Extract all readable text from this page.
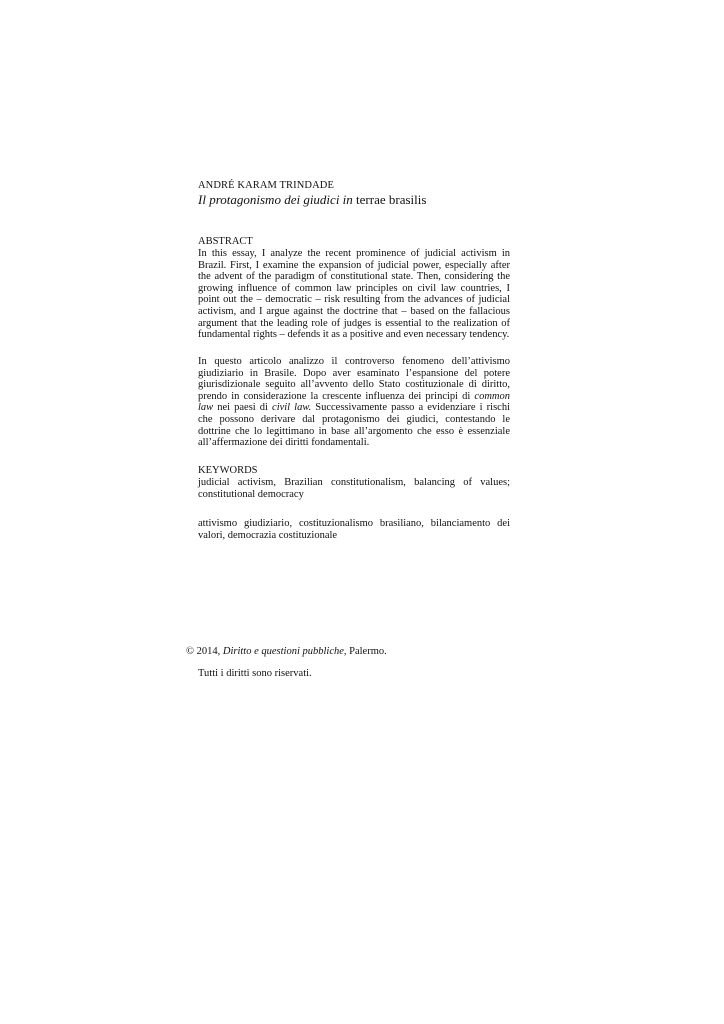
ANDRÉ KARAM TRINDADE
Il protagonismo dei giudici in terrae brasilis
ABSTRACT
In this essay, I analyze the recent prominence of judicial activism in Brazil. First, I examine the expansion of judicial power, especially after the advent of the paradigm of constitutional state. Then, considering the growing influence of common law principles on civil law countries, I point out the – democratic – risk resulting from the advances of judicial activism, and I argue against the doctrine that – based on the fallacious argument that the leading role of judges is essential to the realization of fundamental rights – defends it as a positive and even necessary tendency.
In questo articolo analizzo il controverso fenomeno dell’attivismo giudiziario in Brasile. Dopo aver esaminato l’espansione del potere giurisdizionale seguito all’avvento dello Stato costituzionale di diritto, prendo in considerazione la crescente influenza dei principi di common law nei paesi di civil law. Successivamente passo a evidenziare i rischi che possono derivare dal protagonismo dei giudici, contestando le dottrine che lo legittimano in base all’argomento che esso è essenziale all’affermazione dei diritti fondamentali.
KEYWORDS
judicial activism, Brazilian constitutionalism, balancing of values; constitutional democracy
attivismo giudiziario, costituzionalismo brasiliano, bilanciamento dei valori, democrazia costituzionale
© 2014, Diritto e questioni pubbliche, Palermo.
Tutti i diritti sono riservati.
